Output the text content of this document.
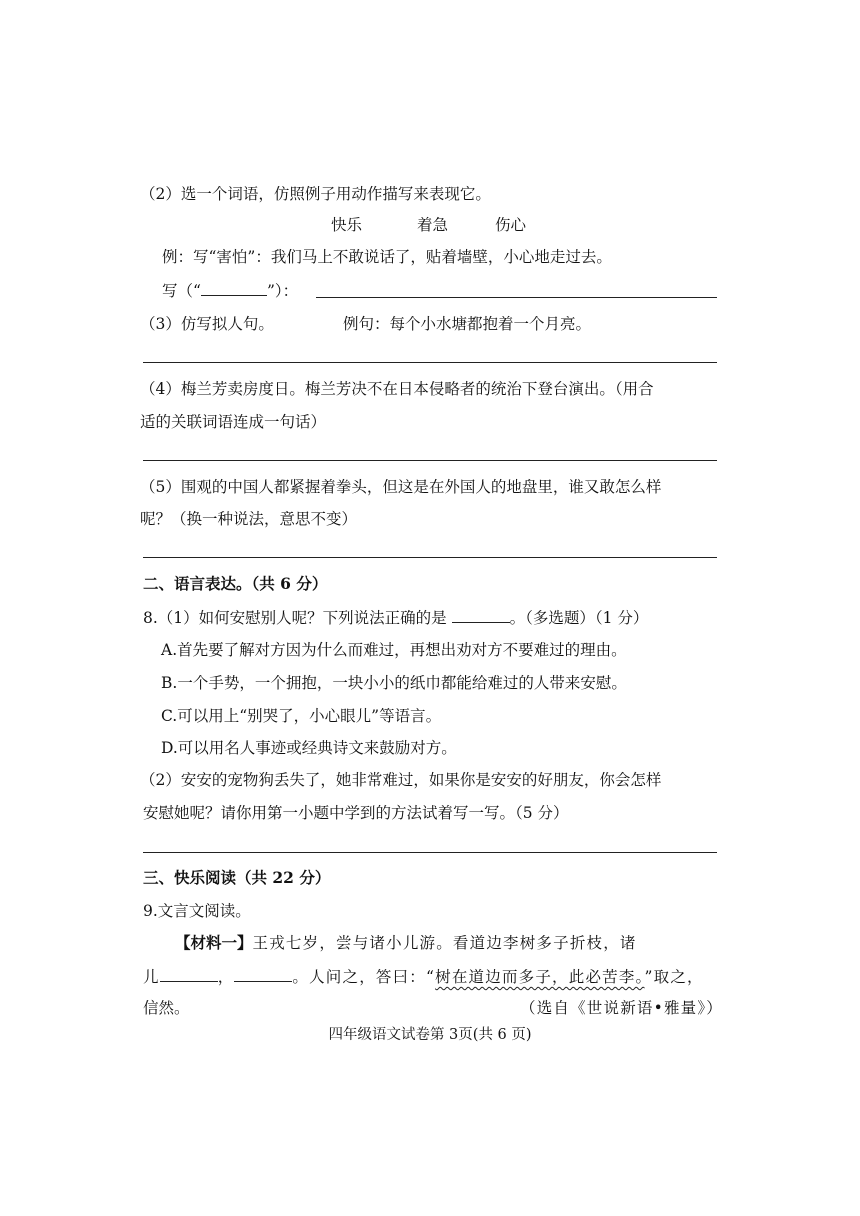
（2）选一个词语，仿照例子用动作描写来表现它。
快乐	着急	伤心
例：写“害怕”：我们马上不敢说话了，贴着墙壁，小心地走过去。
写（“	”）：
（3）仿写拟人句。	例句：每个小水塘都抱着一个月亮。
（4）梅兰芳卖房度日。梅兰芳决不在日本侵略者的统治下登台演出。（用合
适的关联词语连成一句话）
（5）围观的中国人都紧握着拳头，但这是在外国人的地盘里，谁又敢怎么样
呢？（换一种说法，意思不变）
二、语言表达。（共 6 分）
8.（1）如何安慰别人呢？下列说法正确的是	。（多选题）（1 分）
A.首先要了解对方因为什么而难过，再想出劝对方不要难过的理由。
B.一个手势，一个拥抱，一块小小的纸巾都能给难过的人带来安慰。
C.可以用上“别哭了，小心眼儿”等语言。
D.可以用名人事迹或经典诗文来鼓励对方。
（2）安安的宠物狗丢失了，她非常难过，如果你是安安的好朋友，你会怎样
安慰她呢？请你用第一小题中学到的方法试着写一写。（5 分）
三、快乐阅读（共 22 分）
9.文言文阅读。
【材料一】王戎七岁，尝与诸小儿游。看道边李树多子折枝，诸
儿	，	。人问之，答曰：“树在道边而多子，此必苦李。”取之，
信然。	（选自《世说新语•雅量》）
四年级语文试卷第 3页(共 6 页)
